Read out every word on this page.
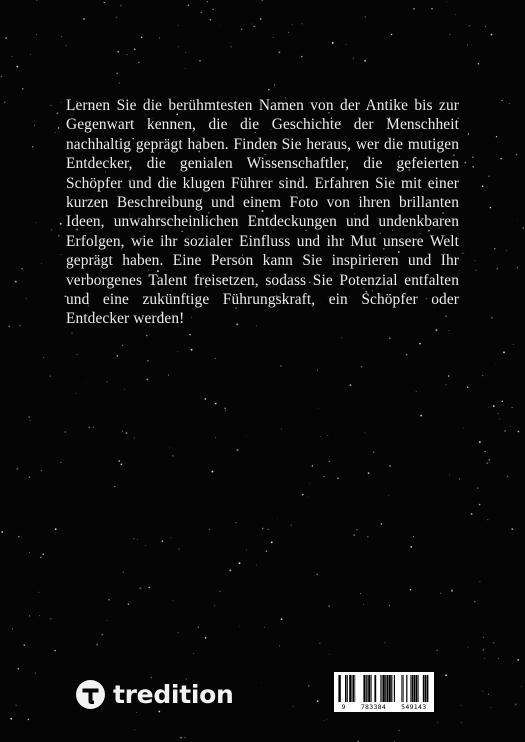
Lernen Sie die berühmtesten Namen von der Antike bis zur Gegenwart kennen, die die Geschichte der Menschheit nachhaltig geprägt haben. Finden Sie heraus, wer die mutigen Entdecker, die genialen Wissenschaftler, die gefeierten Schöpfer und die klugen Führer sind. Erfahren Sie mit einer kurzen Beschreibung und einem Foto von ihren brillanten Ideen, unwahrscheinlichen Entdeckungen und undenkbaren Erfolgen, wie ihr sozialer Einfluss und ihr Mut unsere Welt geprägt haben. Eine Person kann Sie inspirieren und Ihr verborgenes Talent freisetzen, sodass Sie Potenzial entfalten und eine zukünftige Führungskraft, ein Schöpfer oder Entdecker werden!
tredition	9 783384 549143
